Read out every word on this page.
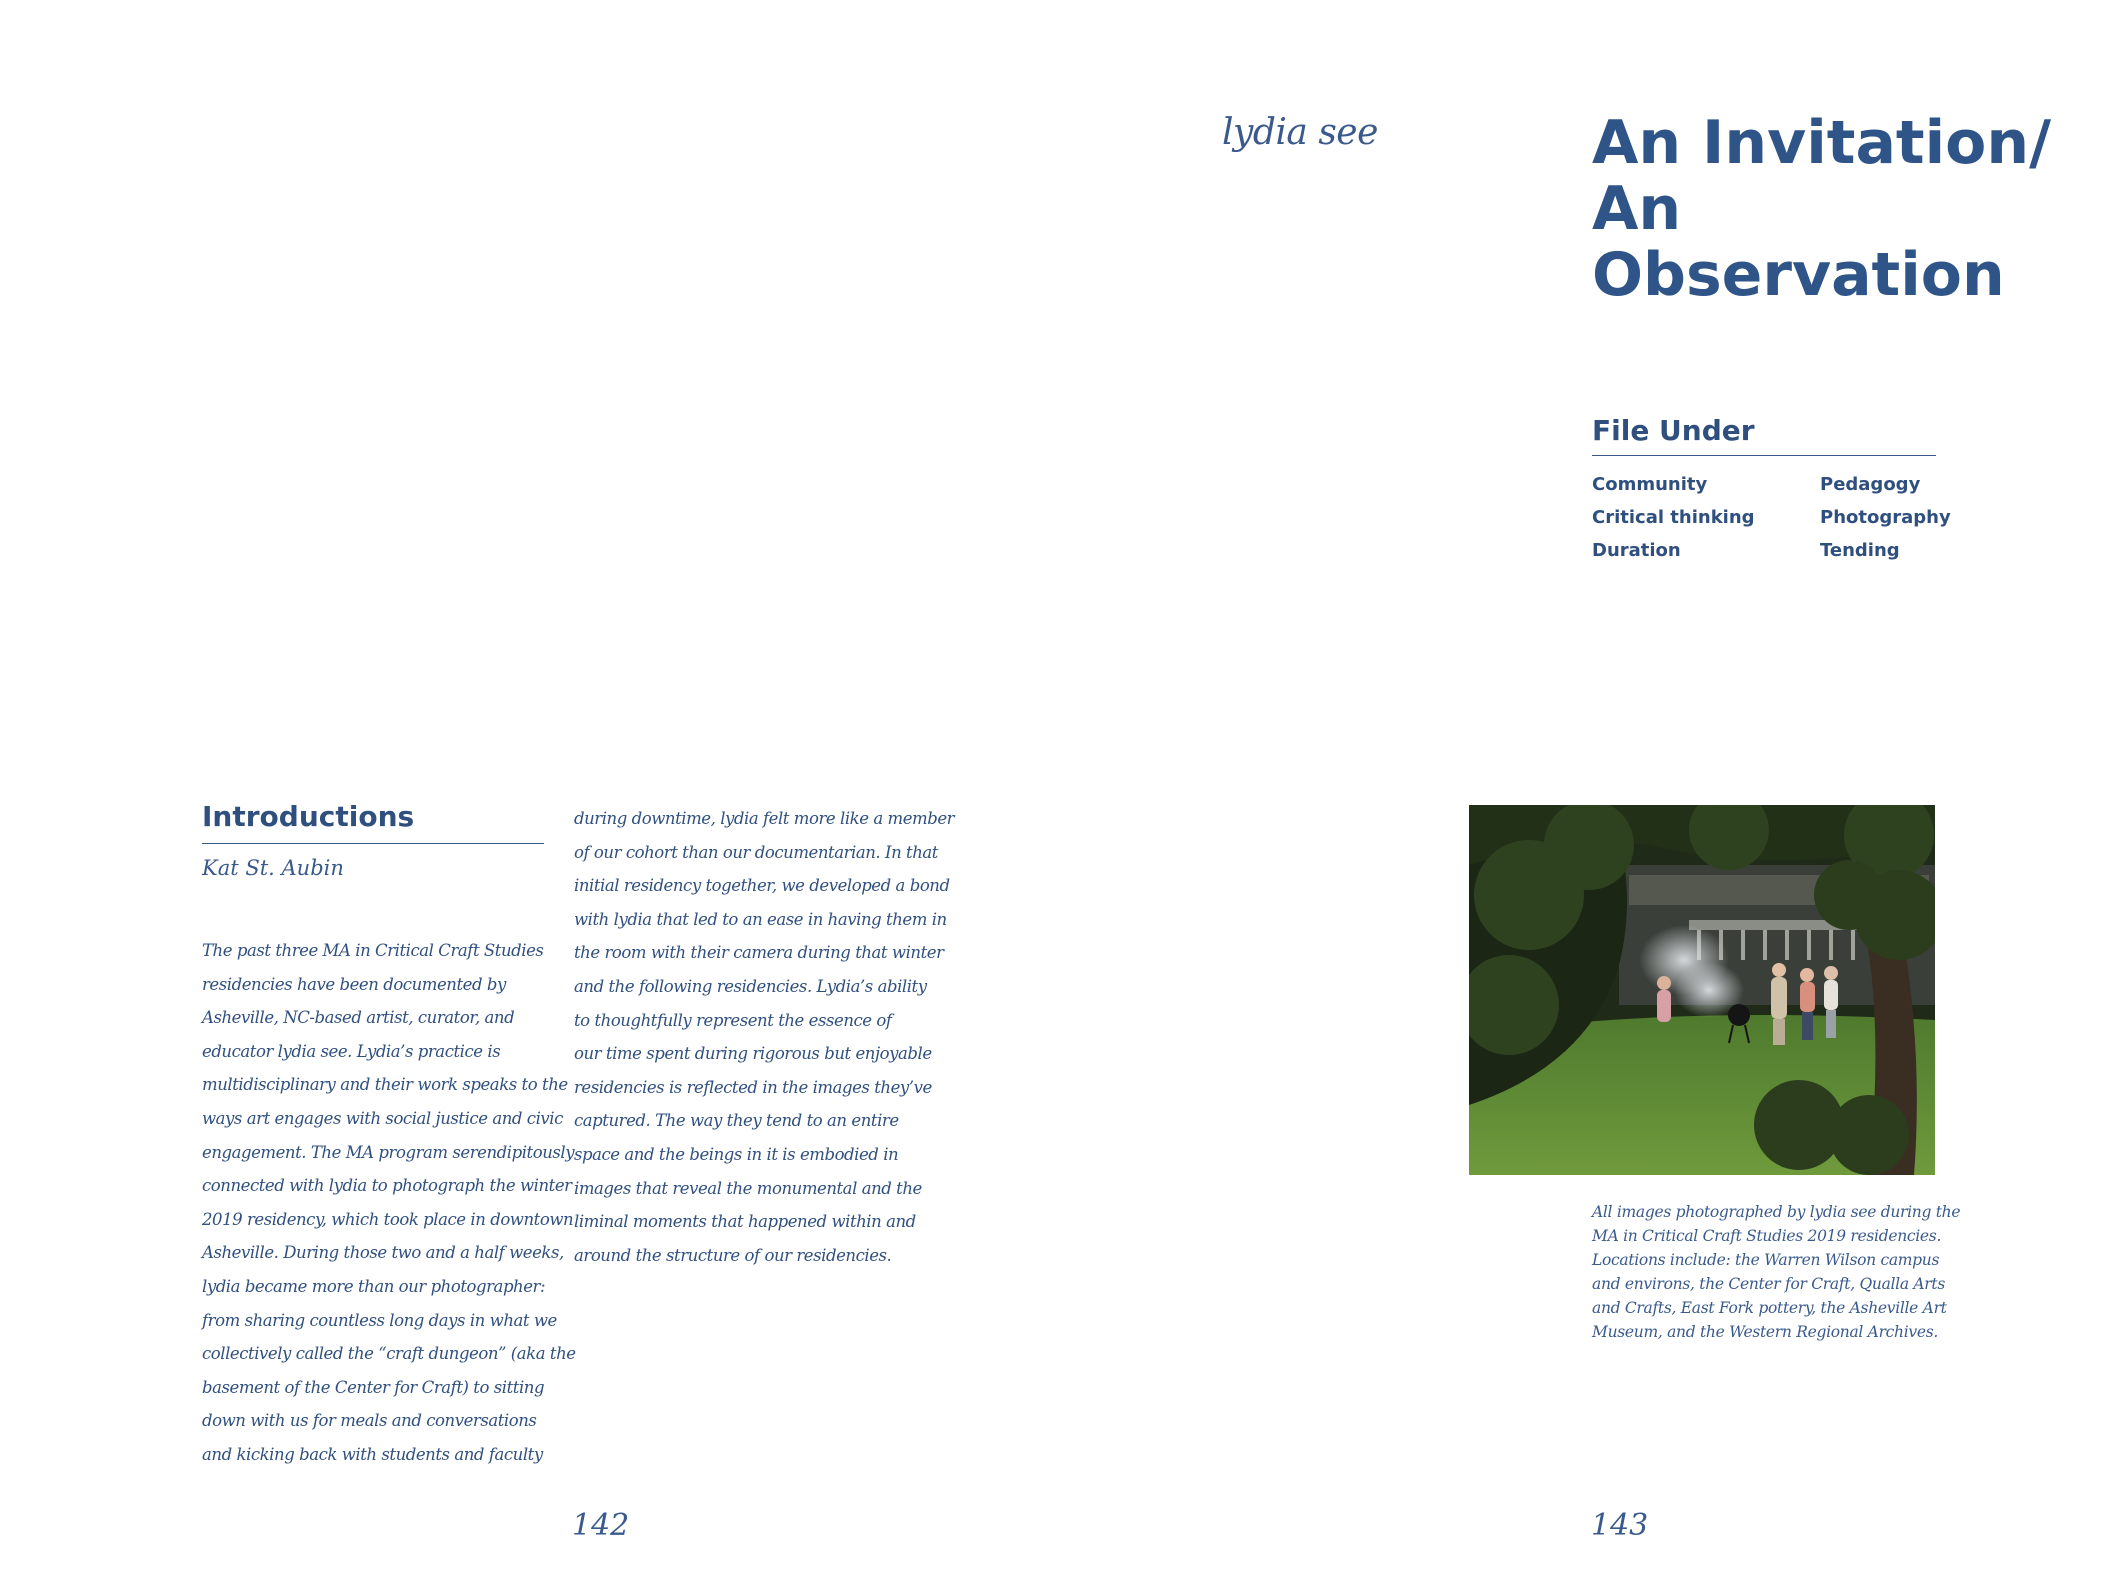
lydia see	An Invitation/
An Observation
File Under
Community	Pedagogy
Critical thinking	Photography
Duration	Tending
Introductions
Kat St. Aubin
The past three MA in Critical Craft Studies
residencies have been documented by
Asheville, NC-based artist, curator, and
educator lydia see. Lydia’s practice is
multidisciplinary and their work speaks to the
ways art engages with social justice and civic
engagement. The MA program serendipitously
connected with lydia to photograph the winter
2019 residency, which took place in downtown
Asheville. During those two and a half weeks,
lydia became more than our photographer:
from sharing countless long days in what we
collectively called the “craft dungeon” (aka the
basement of the Center for Craft) to sitting
down with us for meals and conversations
and kicking back with students and faculty
during downtime, lydia felt more like a member
of our cohort than our documentarian. In that
initial residency together, we developed a bond
with lydia that led to an ease in having them in
the room with their camera during that winter
and the following residencies. Lydia’s ability
to thoughtfully represent the essence of
our time spent during rigorous but enjoyable
residencies is reflected in the images they’ve
captured. The way they tend to an entire
space and the beings in it is embodied in
images that reveal the monumental and the
liminal moments that happened within and
around the structure of our residencies.
All images photographed by lydia see during the
MA in Critical Craft Studies 2019 residencies.
Locations include: the Warren Wilson campus
and environs, the Center for Craft, Qualla Arts
and Crafts, East Fork pottery, the Asheville Art
Museum, and the Western Regional Archives.
142	143
